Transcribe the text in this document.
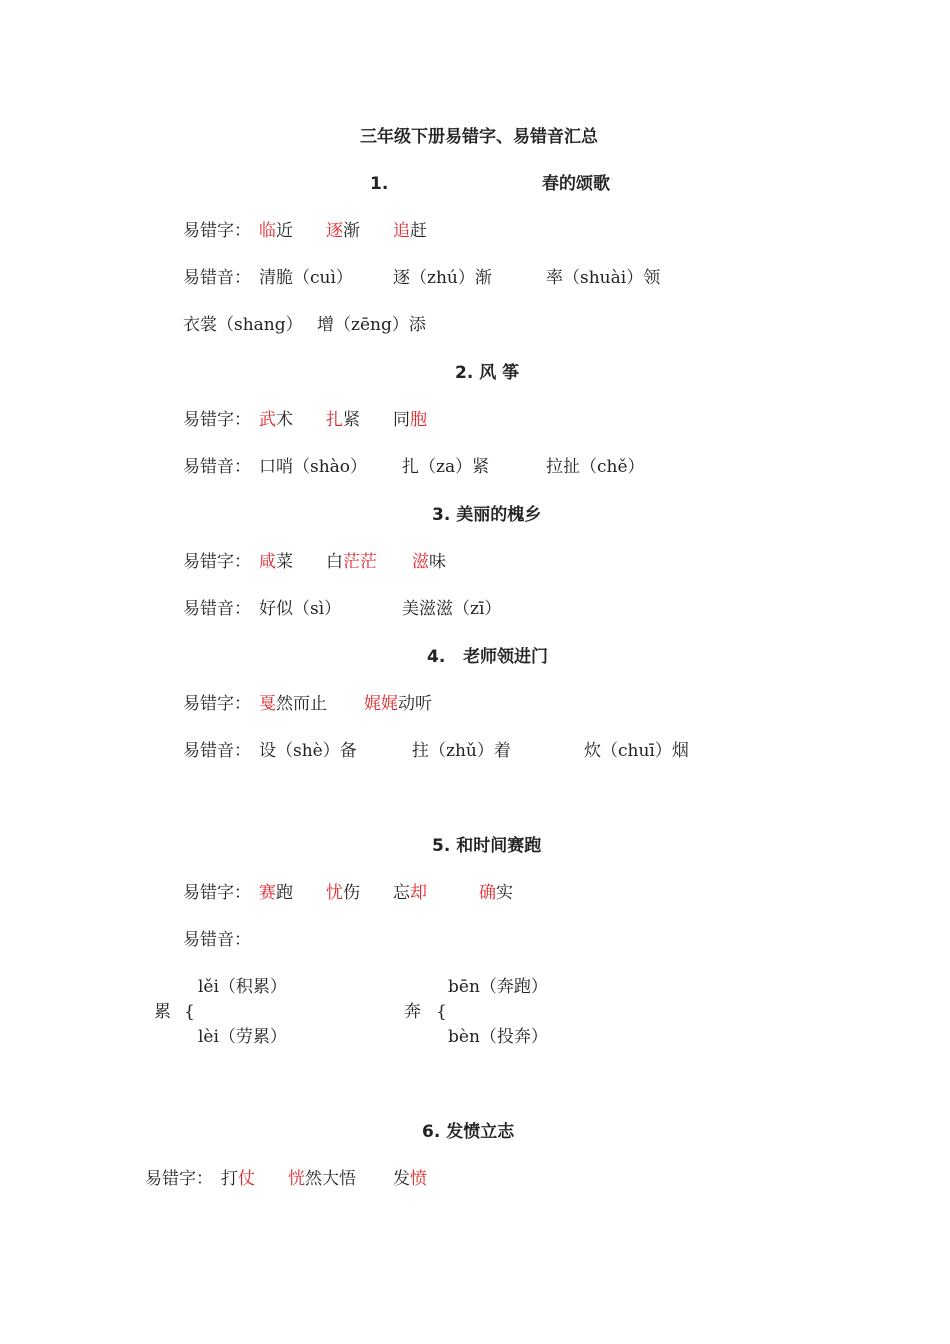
三年级下册易错字、易错音汇总
1.	春的颂歌
易错字： 临近 逐渐 追赶
易错音： 清脆（cuì） 逐（zhú）渐	率（shuài）领
衣裳（shang） 增（zēng）添
2. 风 筝
易错字： 武术 扎紧 同胞
易错音： 口哨（shào） 扎（za）紧	拉扯（chě）
3. 美丽的槐乡
易错字： 咸菜 白茫茫 滋味
易错音： 好似（sì）	美滋滋（zī）
4. 老师领进门
易错字： 戛然而止 娓娓动听
易错音： 设（shè）备	拄（zhǔ）着	炊（chuī）烟
5. 和时间赛跑
易错字： 赛跑 忧伤 忘却	确实
易错音：
lěi（积累）
累 {
lèi（劳累）
bēn（奔跑）
奔 {
bèn（投奔）
6. 发愤立志
易错字： 打仗 恍然大悟 发愤
